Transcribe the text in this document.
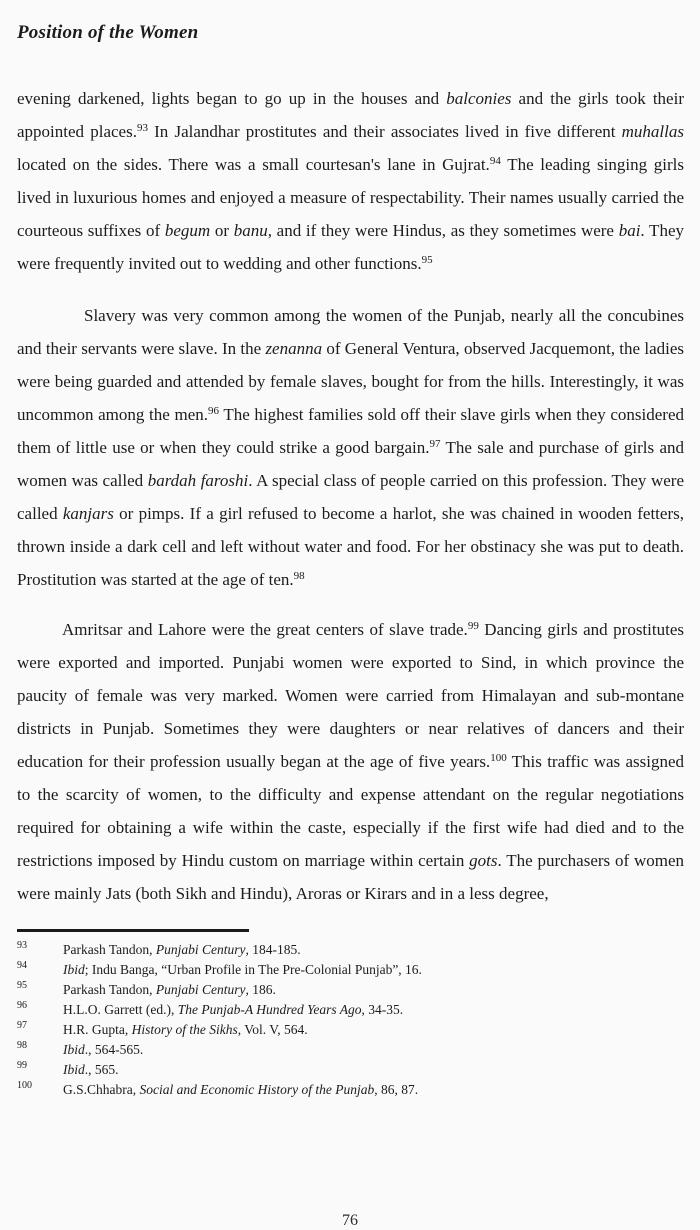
Position of the Women

evening darkened, lights began to go up in the houses and balconies and the girls took their appointed places.$^{93}$ In Jalandhar prostitutes and their associates lived in five different muhallas located on the sides. There was a small courtesan's lane in Gujrat.$^{94}$ The leading singing girls lived in luxurious homes and enjoyed a measure of respectability. Their names usually carried the courteous suffixes of begum or banu, and if they were Hindus, as they sometimes were bai. They were frequently invited out to wedding and other functions.$^{95}$

Slavery was very common among the women of the Punjab, nearly all the concubines and their servants were slave. In the zenanna of General Ventura, observed Jacquemont, the ladies were being guarded and attended by female slaves, bought for from the hills. Interestingly, it was uncommon among the men.$^{96}$ The highest families sold off their slave girls when they considered them of little use or when they could strike a good bargain.$^{97}$ The sale and purchase of girls and women was called bardah faroshi. A special class of people carried on this profession. They were called kanjars or pimps. If a girl refused to become a harlot, she was chained in wooden fetters, thrown inside a dark cell and left without water and food. For her obstinacy she was put to death. Prostitution was started at the age of ten.$^{98}$

Amritsar and Lahore were the great centers of slave trade.$^{99}$ Dancing girls and prostitutes were exported and imported. Punjabi women were exported to Sind, in which province the paucity of female was very marked. Women were carried from Himalayan and sub-montane districts in Punjab. Sometimes they were daughters or near relatives of dancers and their education for their profession usually began at the age of five years.$^{100}$ This traffic was assigned to the scarcity of women, to the difficulty and expense attendant on the regular negotiations required for obtaining a wife within the caste, especially if the first wife had died and to the restrictions imposed by Hindu custom on marriage within certain gots. The purchasers of women were mainly Jats (both Sikh and Hindu), Aroras or Kirars and in a less degree,

93	Parkash Tandon, Punjabi Century, 184-185.
94	Ibid; Indu Banga, “Urban Profile in The Pre-Colonial Punjab”, 16.
95	Parkash Tandon, Punjabi Century, 186.
96	H.L.O. Garrett (ed.), The Punjab-A Hundred Years Ago, 34-35.
97	H.R. Gupta, History of the Sikhs, Vol. V, 564.
98	Ibid., 564-565.
99	Ibid., 565.
100	G.S.Chhabra, Social and Economic History of the Punjab, 86, 87.
76
